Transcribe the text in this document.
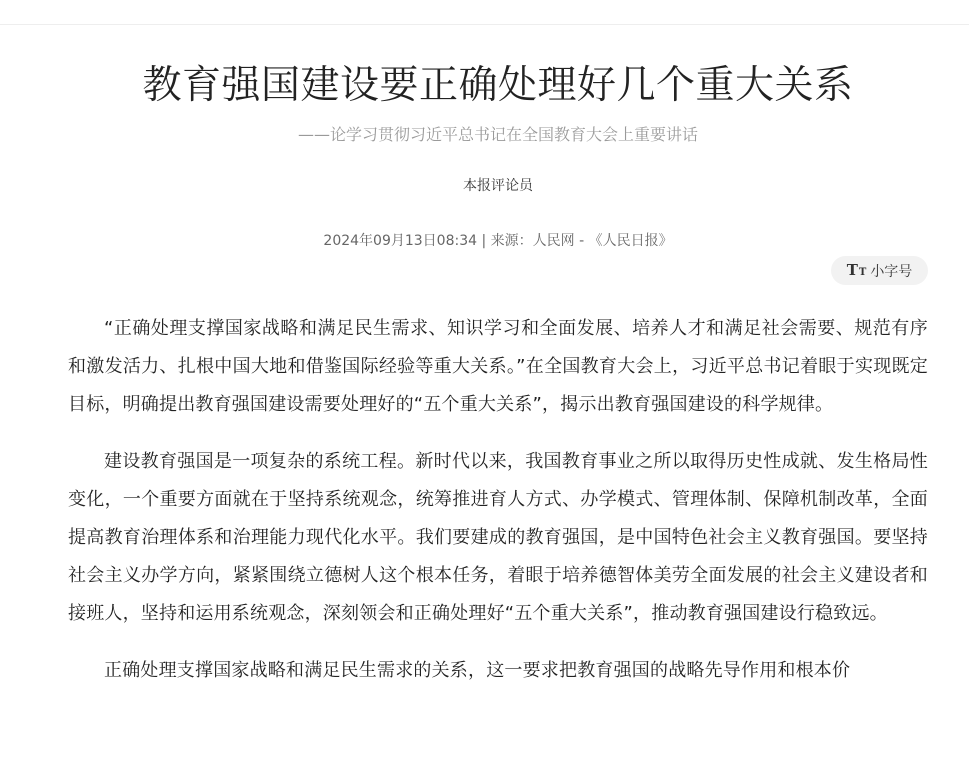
教育强国建设要正确处理好几个重大关系

——论学习贯彻习近平总书记在全国教育大会上重要讲话

本报评论员
2024年09月13日08:34 | 来源：人民网 - 《人民日报》
T T 小字号

“正确处理支撑国家战略和满足民生需求、知识学习和全面发展、培养人才和满足社会需要、规范有序和激发活力、扎根中国大地和借鉴国际经验等重大关系。”在全国教育大会上，习近平总书记着眼于实现既定目标，明确提出教育强国建设需要处理好的“五个重大关系”，揭示出教育强国建设的科学规律。

建设教育强国是一项复杂的系统工程。新时代以来，我国教育事业之所以取得历史性成就、发生格局性变化，一个重要方面就在于坚持系统观念，统筹推进育人方式、办学模式、管理体制、保障机制改革，全面提高教育治理体系和治理能力现代化水平。我们要建成的教育强国，是中国特色社会主义教育强国。要坚持社会主义办学方向，紧紧围绕立德树人这个根本任务，着眼于培养德智体美劳全面发展的社会主义建设者和接班人，坚持和运用系统观念，深刻领会和正确处理好“五个重大关系”，推动教育强国建设行稳致远。

正确处理支撑国家战略和满足民生需求的关系，这一要求把教育强国的战略先导作用和根本价
